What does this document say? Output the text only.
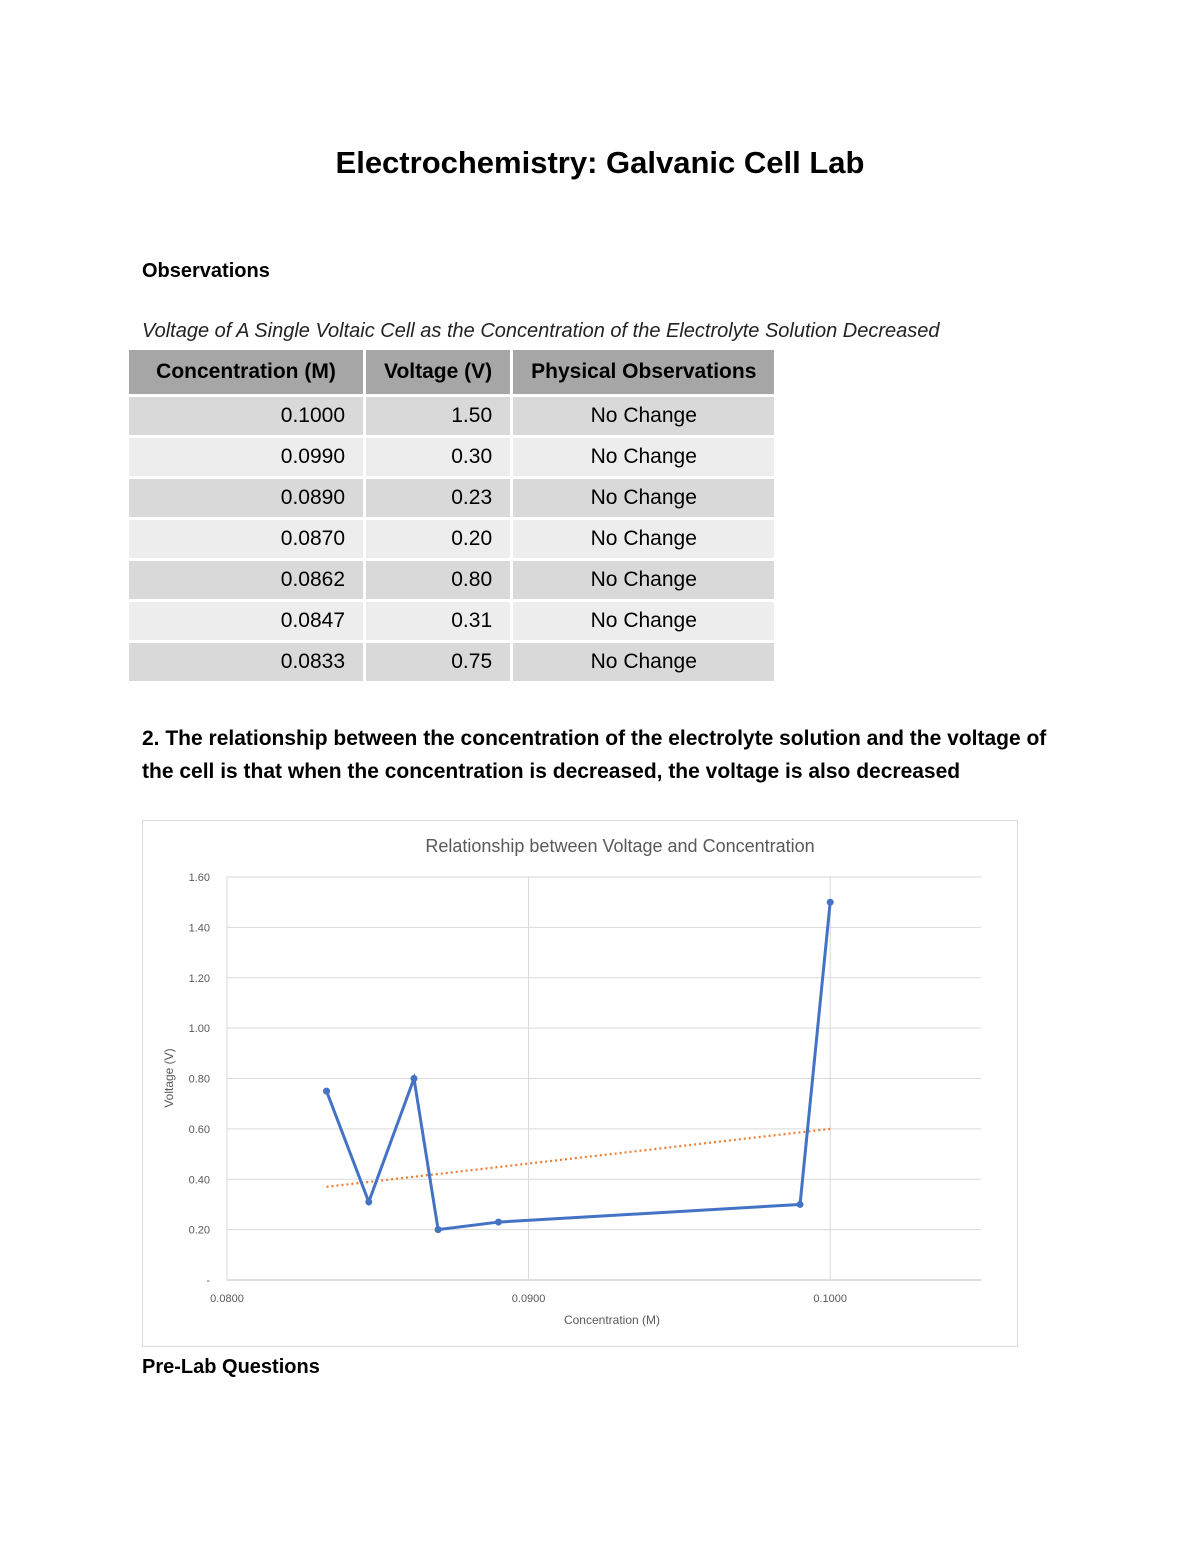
Electrochemistry: Galvanic Cell Lab
Observations

Voltage of A Single Voltaic Cell as the Concentration of the Electrolyte Solution Decreased

Concentration (M)	Voltage (V)	Physical Observations
0.1000	1.50	No Change
0.0990	0.30	No Change
0.0890	0.23	No Change
0.0870	0.20	No Change
0.0862	0.80	No Change
0.0847	0.31	No Change
0.0833	0.75	No Change

2. The relationship between the concentration of the electrolyte solution and the voltage of the cell is that when the concentration is decreased, the voltage is also decreased

Relationship between Voltage and Concentration
-
0.20
0.40
0.60
0.80
1.00
1.20
1.40
1.60
0.0800	0.0900	0.1000
Concentration (M)
Voltage (V)
Pre-Lab Questions
